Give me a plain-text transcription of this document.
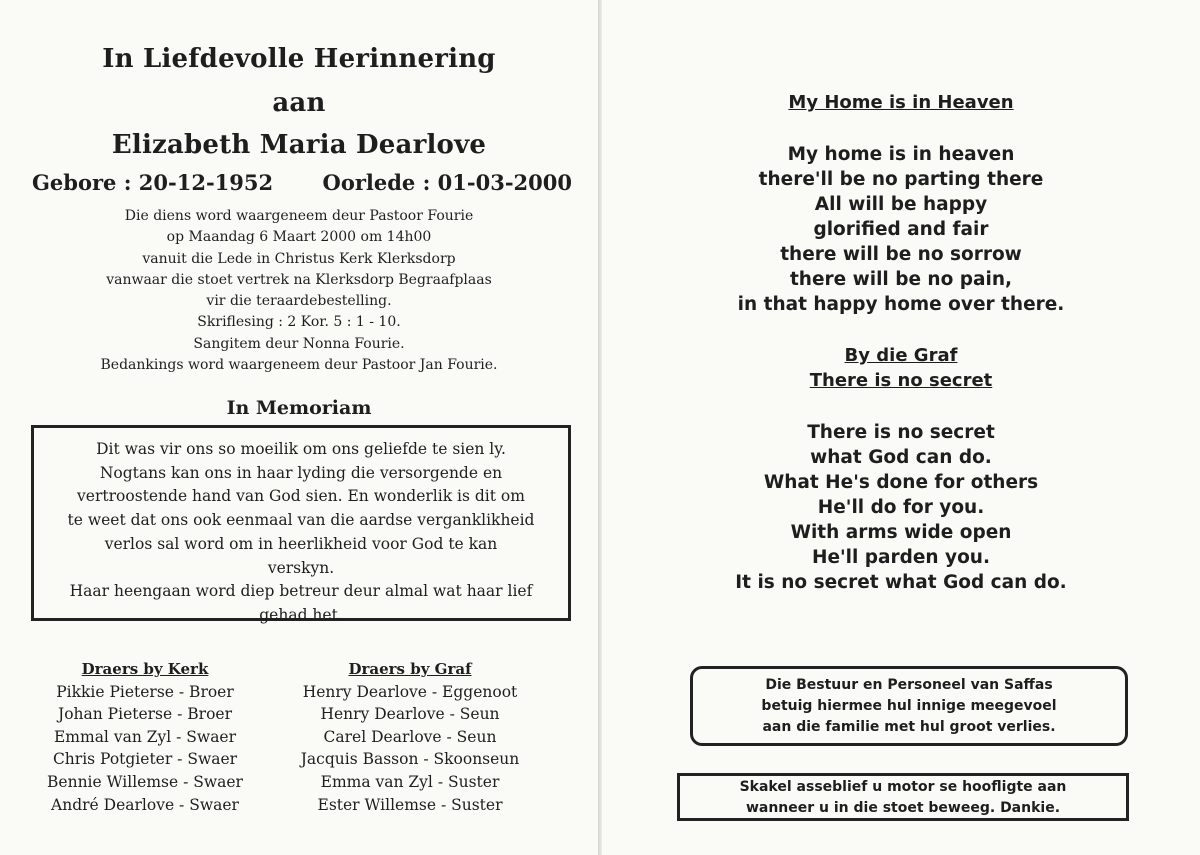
In Liefdevolle Herinnering
aan
Elizabeth Maria Dearlove
Gebore : 20-12-1952 Oorlede : 01-03-2000
Die diens word waargeneem deur Pastoor Fourie
op Maandag 6 Maart 2000 om 14h00
vanuit die Lede in Christus Kerk Klerksdorp
vanwaar die stoet vertrek na Klerksdorp Begraafplaas
vir die teraardebestelling.
Skriflesing : 2 Kor. 5 : 1 - 10.
Sangitem deur Nonna Fourie.
Bedankings word waargeneem deur Pastoor Jan Fourie.
In Memoriam
Dit was vir ons so moeilik om ons geliefde te sien ly.
Nogtans kan ons in haar lyding die versorgende en
vertroostende hand van God sien. En wonderlik is dit om
te weet dat ons ook eenmaal van die aardse verganklikheid
verlos sal word om in heerlikheid voor God te kan
verskyn.
Haar heengaan word diep betreur deur almal wat haar lief
gehad het.
Draers by Kerk
Pikkie Pieterse - Broer
Johan Pieterse - Broer
Emmal van Zyl - Swaer
Chris Potgieter - Swaer
Bennie Willemse - Swaer
André Dearlove - Swaer
Draers by Graf
Henry Dearlove - Eggenoot
Henry Dearlove - Seun
Carel Dearlove - Seun
Jacquis Basson - Skoonseun
Emma van Zyl - Suster
Ester Willemse - Suster
My Home is in Heaven
My home is in heaven
there'll be no parting there
All will be happy
glorified and fair
there will be no sorrow
there will be no pain,
in that happy home over there.
By die Graf
There is no secret
There is no secret
what God can do.
What He's done for others
He'll do for you.
With arms wide open
He'll parden you.
It is no secret what God can do.
Die Bestuur en Personeel van Saffas
betuig hiermee hul innige meegevoel
aan die familie met hul groot verlies.
Skakel asseblief u motor se hoofligte aan
wanneer u in die stoet beweeg. Dankie.
